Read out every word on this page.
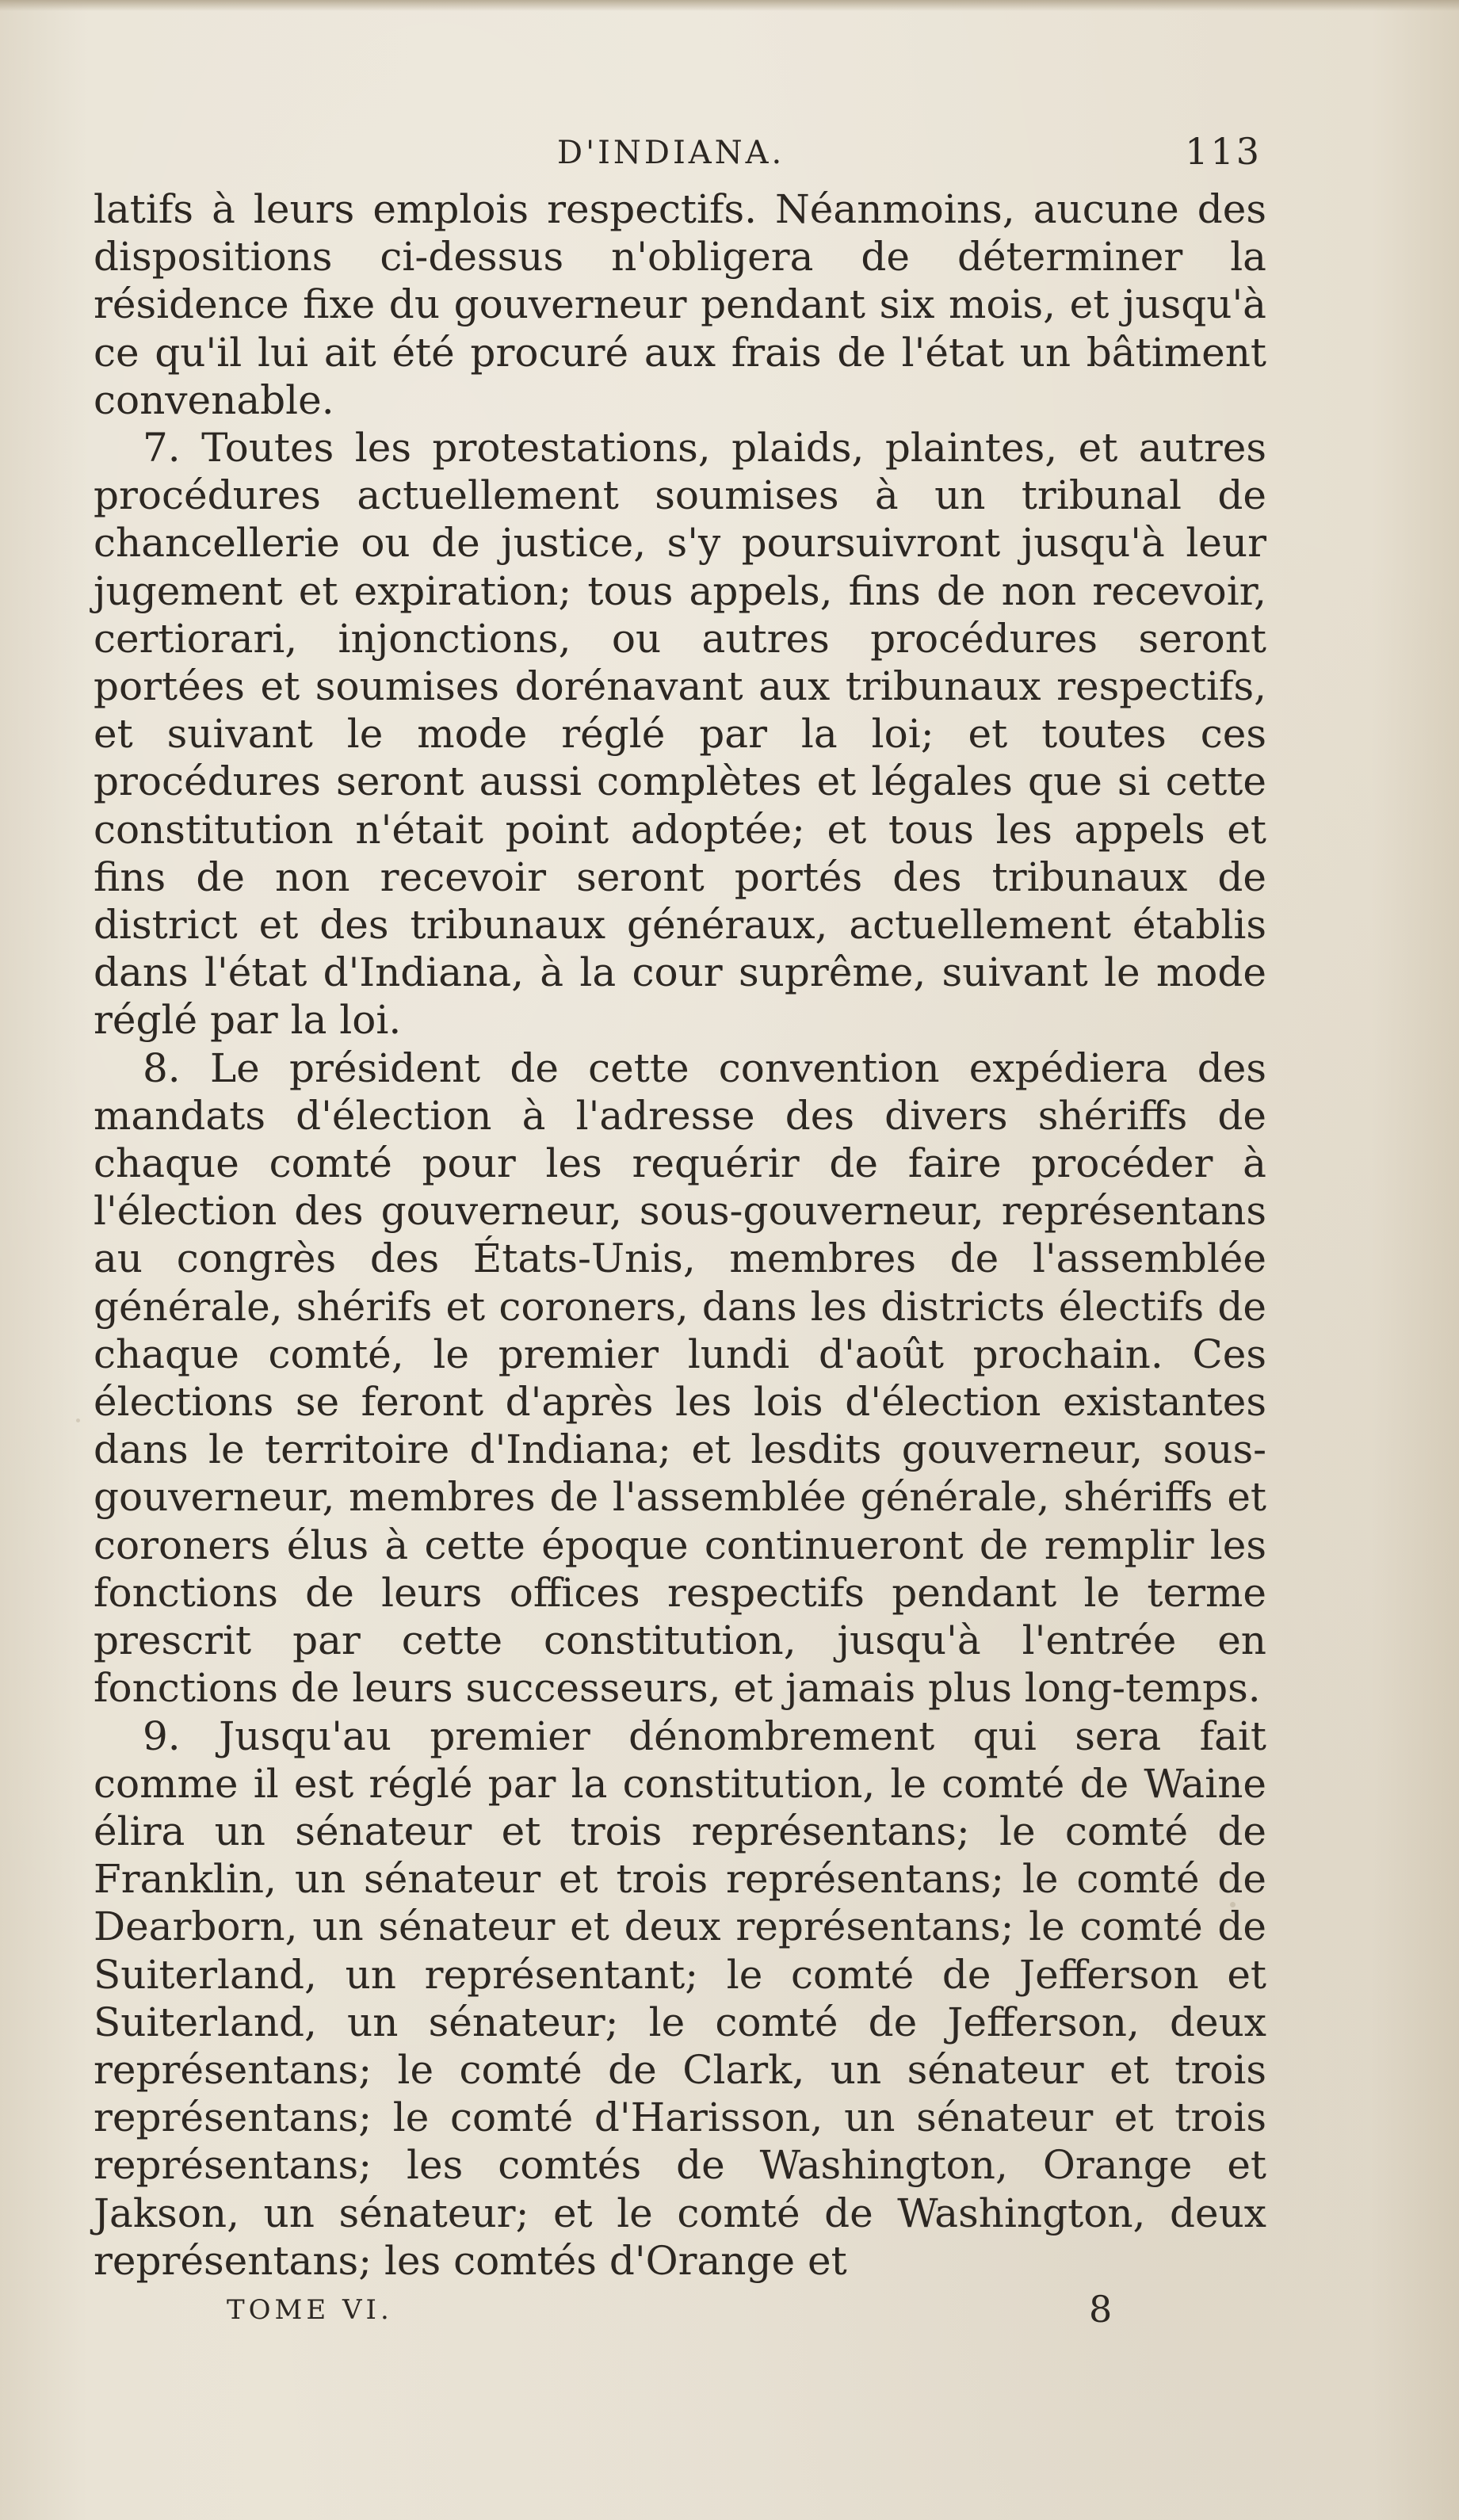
D'INDIANA.	113

latifs à leurs emplois respectifs. Néanmoins, aucune des dispositions ci-dessus n'obligera de déterminer la résidence fixe du gouverneur pendant six mois, et jusqu'à ce qu'il lui ait été procuré aux frais de l'état un bâtiment convenable.

7. Toutes les protestations, plaids, plaintes, et autres procédures actuellement soumises à un tribunal de chancellerie ou de justice, s'y poursuivront jusqu'à leur jugement et expiration; tous appels, fins de non recevoir, certiorari, injonctions, ou autres procédures seront portées et soumises dorénavant aux tribunaux respectifs, et suivant le mode réglé par la loi; et toutes ces procédures seront aussi complètes et légales que si cette constitution n'était point adoptée; et tous les appels et fins de non recevoir seront portés des tribunaux de district et des tribunaux généraux, actuellement établis dans l'état d'Indiana, à la cour suprême, suivant le mode réglé par la loi.

8. Le président de cette convention expédiera des mandats d'élection à l'adresse des divers shériffs de chaque comté pour les requérir de faire procéder à l'élection des gouverneur, sous-gouverneur, représentans au congrès des États-Unis, membres de l'assemblée générale, shérifs et coroners, dans les districts électifs de chaque comté, le premier lundi d'août prochain. Ces élections se feront d'après les lois d'élection existantes dans le territoire d'Indiana; et lesdits gouverneur, sous-gouverneur, membres de l'assemblée générale, shériffs et coroners élus à cette époque continueront de remplir les fonctions de leurs offices respectifs pendant le terme prescrit par cette constitution, jusqu'à l'entrée en fonctions de leurs successeurs, et jamais plus long-temps.

9. Jusqu'au premier dénombrement qui sera fait comme il est réglé par la constitution, le comté de Waine élira un sénateur et trois représentans; le comté de Franklin, un sénateur et trois représentans; le comté de Dearborn, un sénateur et deux représentans; le comté de Suiterland, un représentant; le comté de Jefferson et Suiterland, un sénateur; le comté de Jefferson, deux représentans; le comté de Clark, un sénateur et trois représentans; le comté d'Harisson, un sénateur et trois représentans; les comtés de Washington, Orange et Jakson, un sénateur; et le comté de Washington, deux représentans; les comtés d'Orange et

TOME VI.	8
